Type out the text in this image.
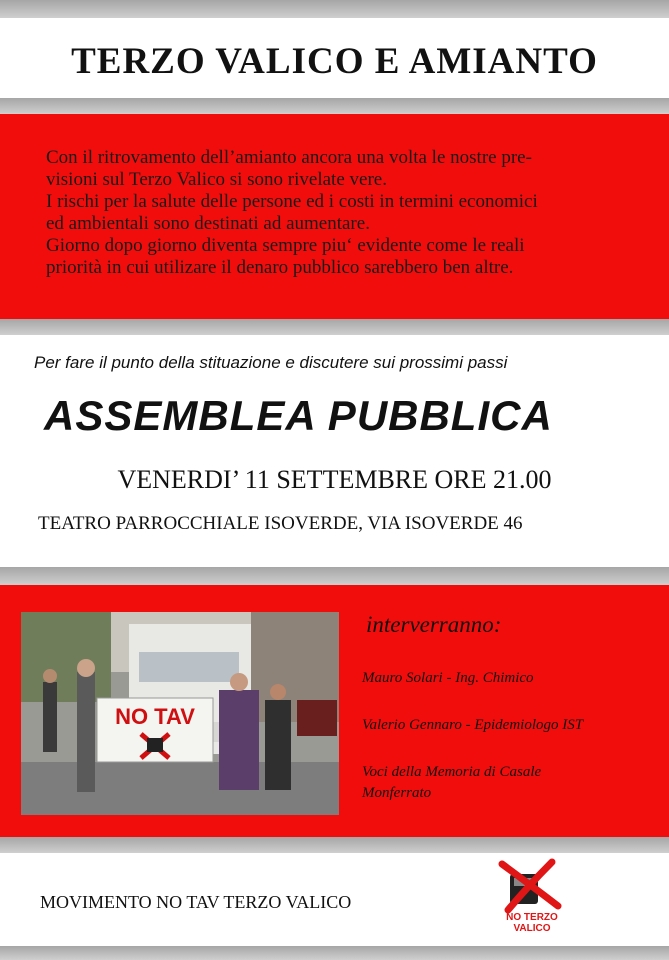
TERZO VALICO E AMIANTO
Con il ritrovamento dell’amianto ancora una volta le nostre pre-
visioni sul Terzo Valico si sono rivelate vere.
I rischi per la salute delle persone ed i costi in termini economici
ed ambientali sono destinati ad aumentare.
Giorno dopo giorno diventa sempre piu‘ evidente come le reali
priorità in cui utilizare il denaro pubblico sarebbero ben altre.
Per fare il punto della stituazione e discutere sui prossimi passi
ASSEMBLEA PUBBLICA
VENERDI’ 11 SETTEMBRE ORE 21.00
TEATRO PARROCCHIALE ISOVERDE, VIA ISOVERDE 46
NO TAV
interverranno:
Mauro Solari - Ing. Chimico
Valerio Gennaro - Epidemiologo IST
Voci della Memoria di Casale Monferrato
MOVIMENTO NO TAV TERZO VALICO
NO TERZO
VALICO
